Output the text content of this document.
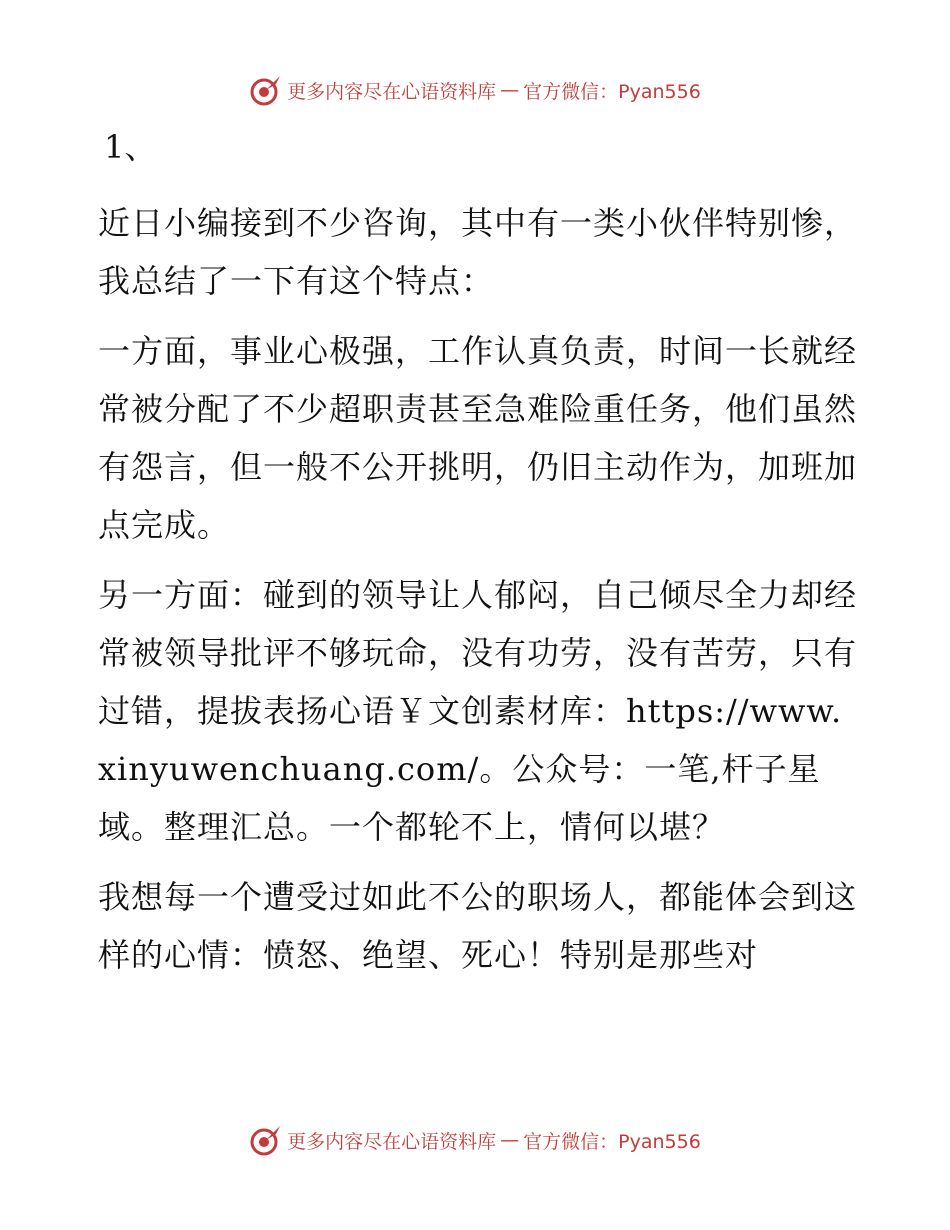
更多内容尽在心语资料库 — 官方微信：Pyan556
1、

近日小编接到不少咨询，其中有一类小伙伴特别惨，我总结了一下有这个特点：

一方面，事业心极强，工作认真负责，时间一长就经常被分配了不少超职责甚至急难险重任务，他们虽然有怨言，但一般不公开挑明，仍旧主动作为，加班加点完成。

另一方面：碰到的领导让人郁闷，自己倾尽全力却经常被领导批评不够玩命，没有功劳，没有苦劳，只有过错，提拔表扬心语￥文创素材库：https://www.xinyuwenchuang.com/。公众号：一笔,杆子星域。整理汇总。一个都轮不上，情何以堪？

我想每一个遭受过如此不公的职场人，都能体会到这样的心情：愤怒、绝望、死心！特别是那些对

更多内容尽在心语资料库 — 官方微信：Pyan556
